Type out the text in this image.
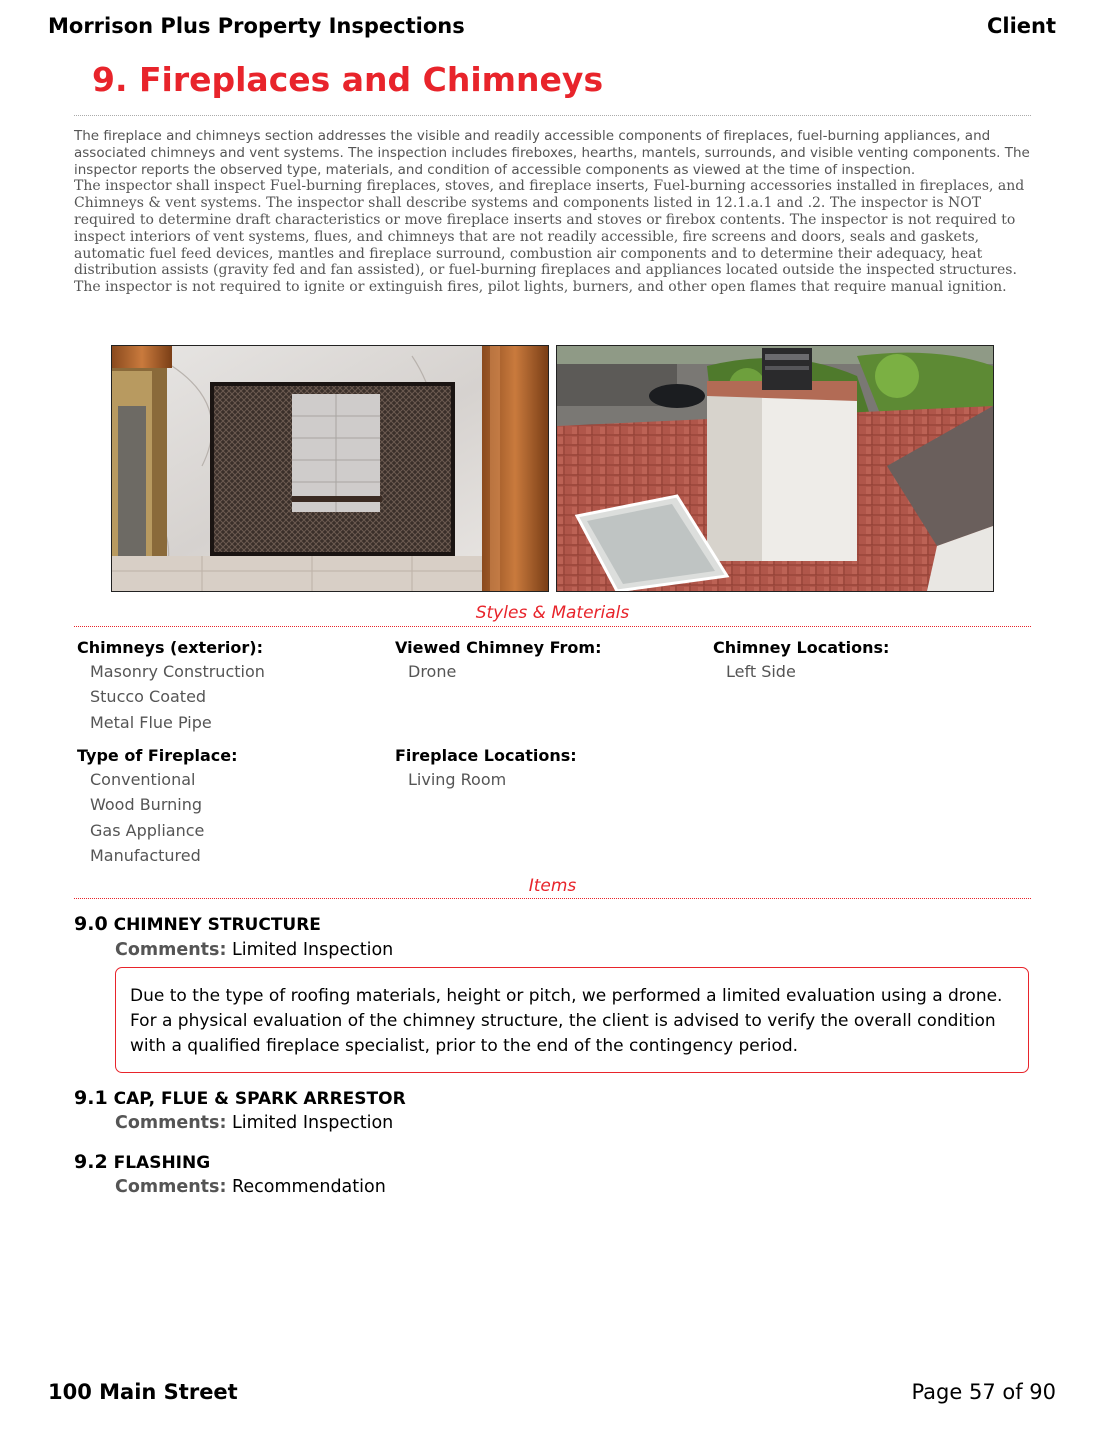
Morrison Plus Property Inspections	Client
9. Fireplaces and Chimneys

The fireplace and chimneys section addresses the visible and readily accessible components of fireplaces, fuel-burning appliances, and associated chimneys and vent systems. The inspection includes fireboxes, hearths, mantels, surrounds, and visible venting components. The inspector reports the observed type, materials, and condition of accessible components as viewed at the time of inspection.

The inspector shall inspect Fuel-burning fireplaces, stoves, and fireplace inserts, Fuel-burning accessories installed in fireplaces, and Chimneys & vent systems. The inspector shall describe systems and components listed in 12.1.a.1 and .2. The inspector is NOT required to determine draft characteristics or move fireplace inserts and stoves or firebox contents. The inspector is not required to inspect interiors of vent systems, flues, and chimneys that are not readily accessible, fire screens and doors, seals and gaskets, automatic fuel feed devices, mantles and fireplace surround, combustion air components and to determine their adequacy, heat distribution assists (gravity fed and fan assisted), or fuel-burning fireplaces and appliances located outside the inspected structures. The inspector is not required to ignite or extinguish fires, pilot lights, burners, and other open flames that require manual ignition.

Styles & Materials
Chimneys (exterior):
Masonry Construction
Stucco Coated
Metal Flue Pipe
Viewed Chimney From:
Drone
Chimney Locations:
Left Side
Type of Fireplace:
Conventional
Wood Burning
Gas Appliance
Manufactured
Fireplace Locations:
Living Room
Items
9.0 CHIMNEY STRUCTURE
Comments: Limited Inspection
Due to the type of roofing materials, height or pitch, we performed a limited evaluation using a drone. For a physical evaluation of the chimney structure, the client is advised to verify the overall condition with a qualified fireplace specialist, prior to the end of the contingency period.
9.1 CAP, FLUE & SPARK ARRESTOR
Comments: Limited Inspection
9.2 FLASHING
Comments: Recommendation
100 Main Street	Page 57 of 90
